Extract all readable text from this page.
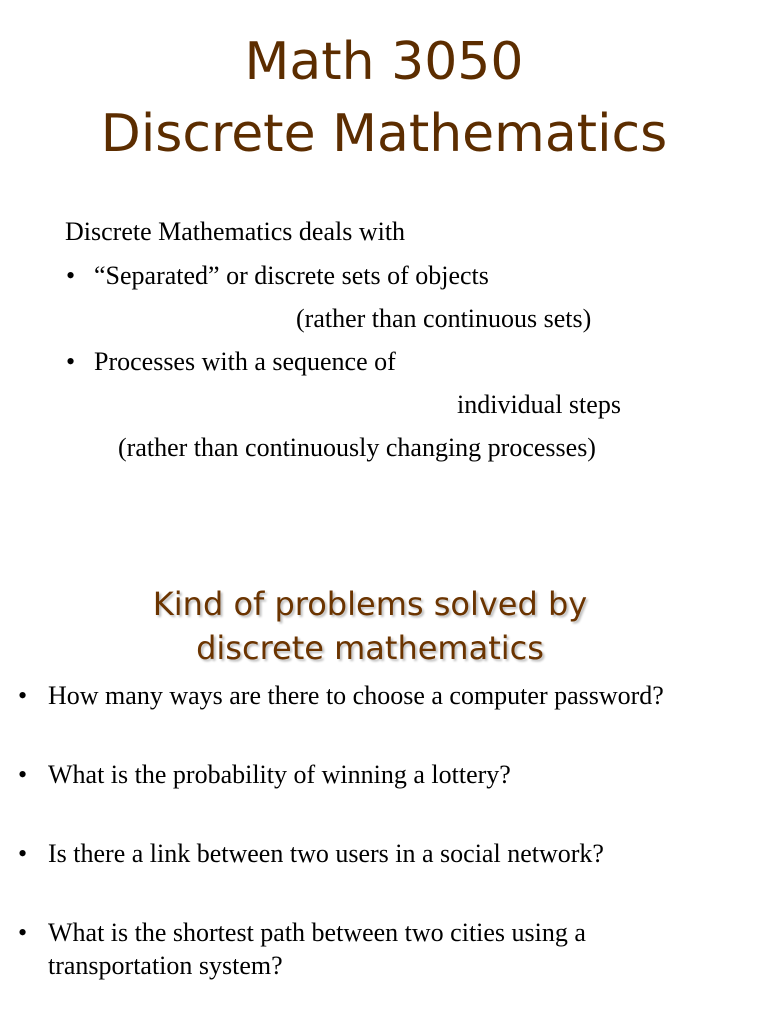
Math 3050
Discrete Mathematics
Discrete Mathematics deals with
• “Separated” or discrete sets of objects
(rather than continuous sets)
• Processes with a sequence of
individual steps
(rather than continuously changing processes)
Kind of problems solved by
discrete mathematics
• How many ways are there to choose a computer password?
• What is the probability of winning a lottery?
• Is there a link between two users in a social network?
• What is the shortest path between two cities using a
transportation system?
